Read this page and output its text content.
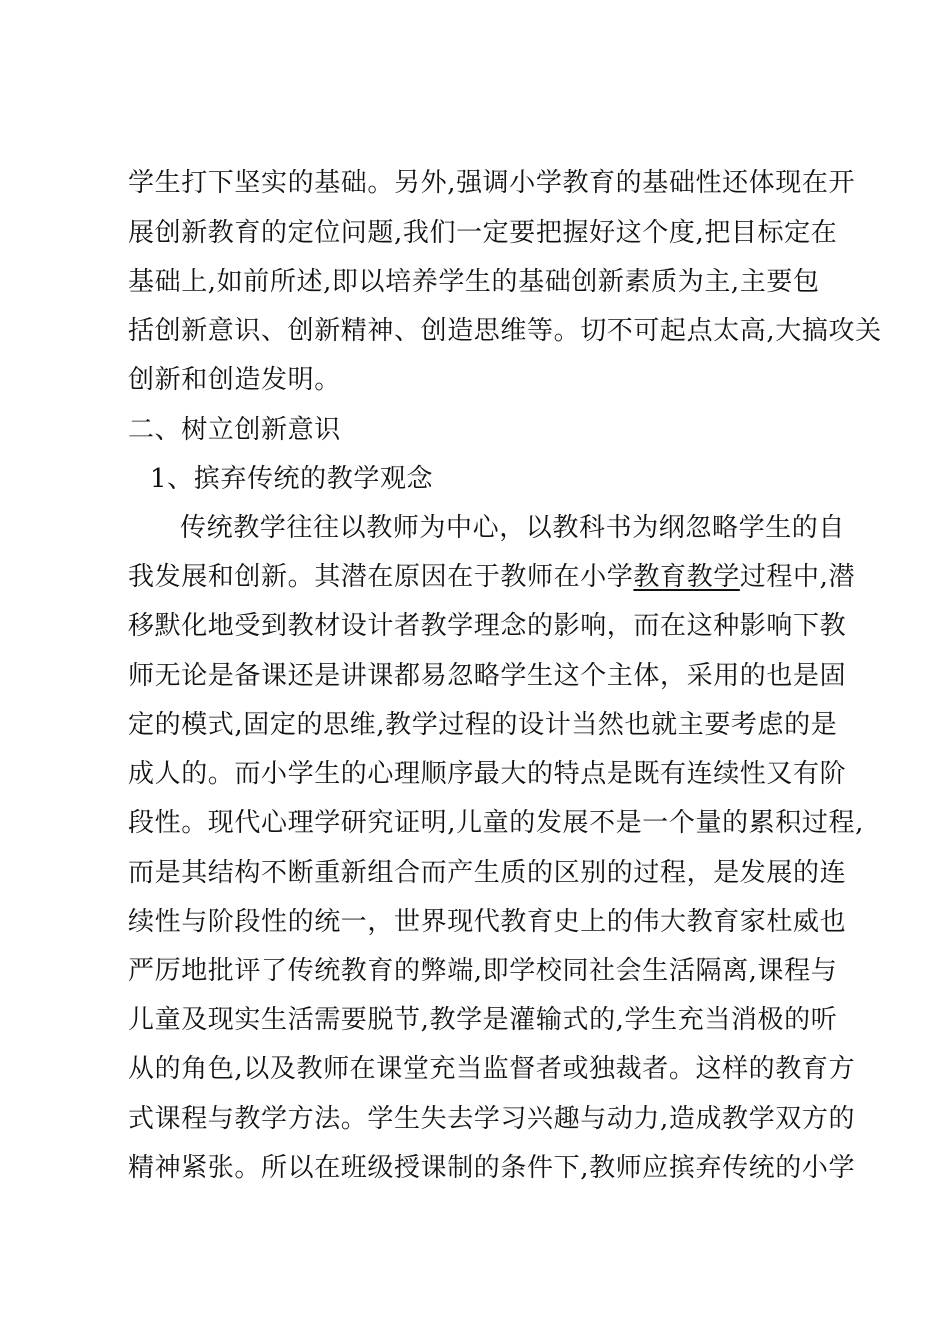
学生打下坚实的基础。另外,强调小学教育的基础性还体现在开
展创新教育的定位问题,我们一定要把握好这个度,把目标定在
基础上,如前所述,即以培养学生的基础创新素质为主,主要包
括创新意识、创新精神、创造思维等。切不可起点太高,大搞攻关
创新和创造发明。
二、树立创新意识
1、摈弃传统的教学观念
传统教学往往以教师为中心，以教科书为纲忽略学生的自
我发展和创新。其潜在原因在于教师在小学教育教学过程中,潜
移默化地受到教材设计者教学理念的影响，而在这种影响下教
师无论是备课还是讲课都易忽略学生这个主体，采用的也是固
定的模式,固定的思维,教学过程的设计当然也就主要考虑的是
成人的。而小学生的心理顺序最大的特点是既有连续性又有阶
段性。现代心理学研究证明,儿童的发展不是一个量的累积过程,
而是其结构不断重新组合而产生质的区别的过程，是发展的连
续性与阶段性的统一，世界现代教育史上的伟大教育家杜威也
严厉地批评了传统教育的弊端,即学校同社会生活隔离,课程与
儿童及现实生活需要脱节,教学是灌输式的,学生充当消极的听
从的角色,以及教师在课堂充当监督者或独裁者。这样的教育方
式课程与教学方法。学生失去学习兴趣与动力,造成教学双方的
精神紧张。所以在班级授课制的条件下,教师应摈弃传统的小学
